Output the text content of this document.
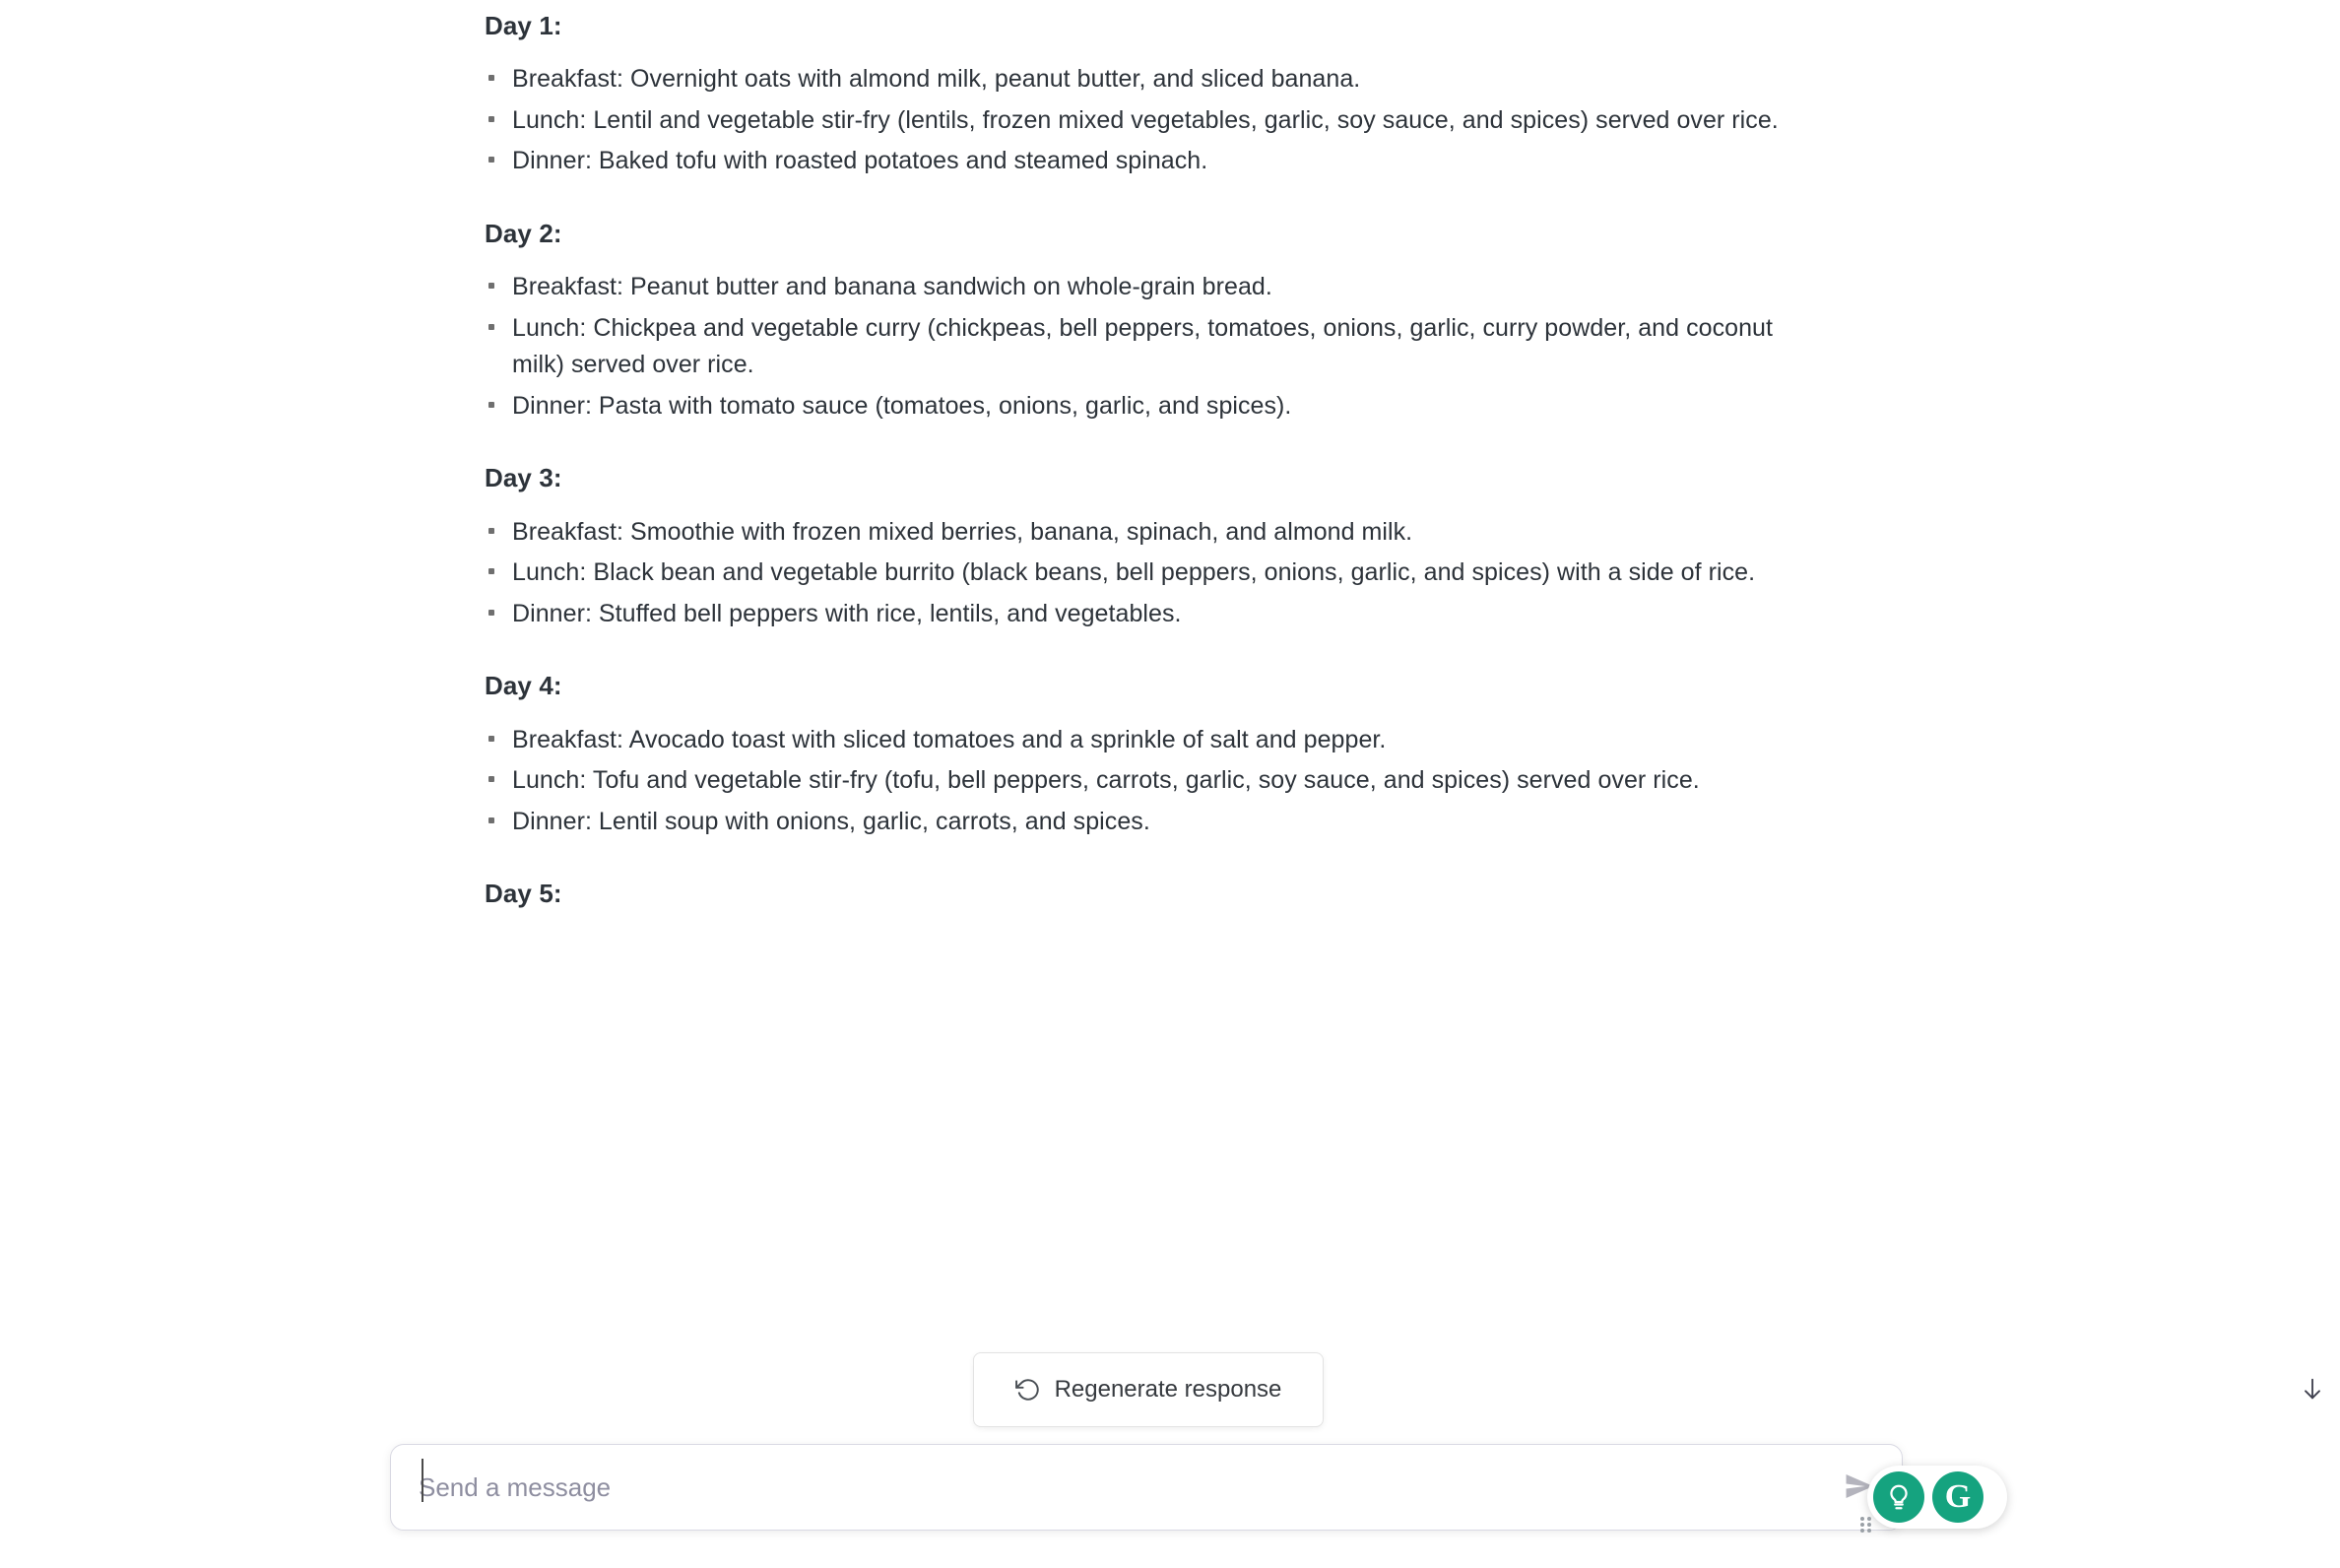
Day 1:

Breakfast: Overnight oats with almond milk, peanut butter, and sliced banana.
Lunch: Lentil and vegetable stir-fry (lentils, frozen mixed vegetables, garlic, soy sauce, and spices) served over rice.
Dinner: Baked tofu with roasted potatoes and steamed spinach.

Day 2:

Breakfast: Peanut butter and banana sandwich on whole-grain bread.
Lunch: Chickpea and vegetable curry (chickpeas, bell peppers, tomatoes, onions, garlic, curry powder, and coconut milk) served over rice.
Dinner: Pasta with tomato sauce (tomatoes, onions, garlic, and spices).

Day 3:

Breakfast: Smoothie with frozen mixed berries, banana, spinach, and almond milk.
Lunch: Black bean and vegetable burrito (black beans, bell peppers, onions, garlic, and spices) with a side of rice.
Dinner: Stuffed bell peppers with rice, lentils, and vegetables.

Day 4:

Breakfast: Avocado toast with sliced tomatoes and a sprinkle of salt and pepper.
Lunch: Tofu and vegetable stir-fry (tofu, bell peppers, carrots, garlic, soy sauce, and spices) served over rice.
Dinner: Lentil soup with onions, garlic, carrots, and spices.

Day 5:

Regenerate response
Send a message
G
